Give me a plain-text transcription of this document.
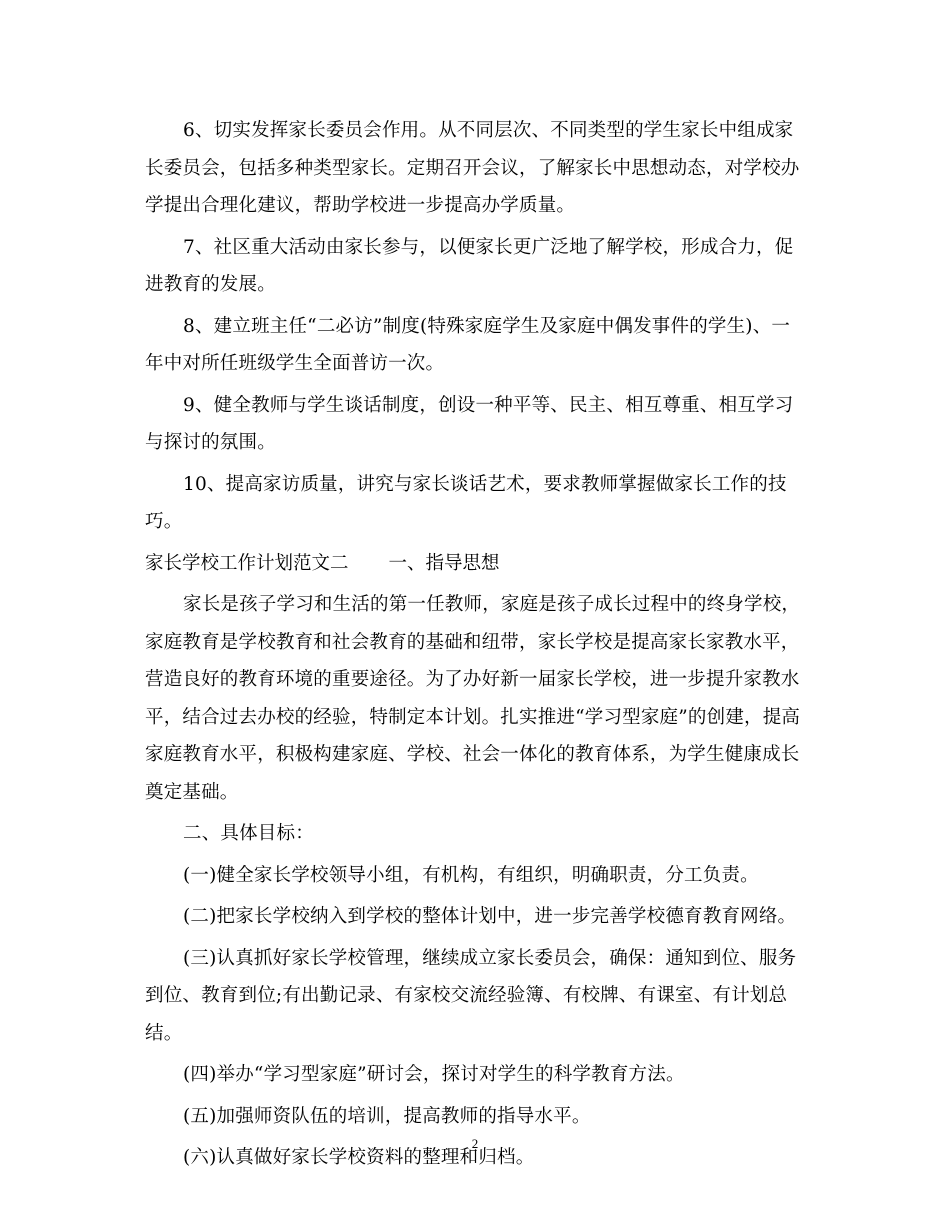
6、切实发挥家长委员会作用。从不同层次、不同类型的学生家长中组成家长委员会，包括多种类型家长。定期召开会议，了解家长中思想动态，对学校办学提出合理化建议，帮助学校进一步提高办学质量。

7、社区重大活动由家长参与，以便家长更广泛地了解学校，形成合力，促进教育的发展。

8、建立班主任“二必访”制度(特殊家庭学生及家庭中偶发事件的学生)、一年中对所任班级学生全面普访一次。

9、健全教师与学生谈话制度，创设一种平等、民主、相互尊重、相互学习与探讨的氛围。

10、提高家访质量，讲究与家长谈话艺术，要求教师掌握做家长工作的技巧。

家长学校工作计划范文二 一、指导思想

家长是孩子学习和生活的第一任教师，家庭是孩子成长过程中的终身学校，家庭教育是学校教育和社会教育的基础和纽带，家长学校是提高家长家教水平，营造良好的教育环境的重要途径。为了办好新一届家长学校，进一步提升家教水平，结合过去办校的经验，特制定本计划。扎实推进“学习型家庭”的创建，提高家庭教育水平，积极构建家庭、学校、社会一体化的教育体系，为学生健康成长奠定基础。

二、具体目标：

(一)健全家长学校领导小组，有机构，有组织，明确职责，分工负责。

(二)把家长学校纳入到学校的整体计划中，进一步完善学校德育教育网络。

(三)认真抓好家长学校管理，继续成立家长委员会，确保：通知到位、服务到位、教育到位;有出勤记录、有家校交流经验簿、有校牌、有课室、有计划总结。

(四)举办“学习型家庭”研讨会，探讨对学生的科学教育方法。

(五)加强师资队伍的培训，提高教师的指导水平。

(六)认真做好家长学校资料的整理和归档。

2
